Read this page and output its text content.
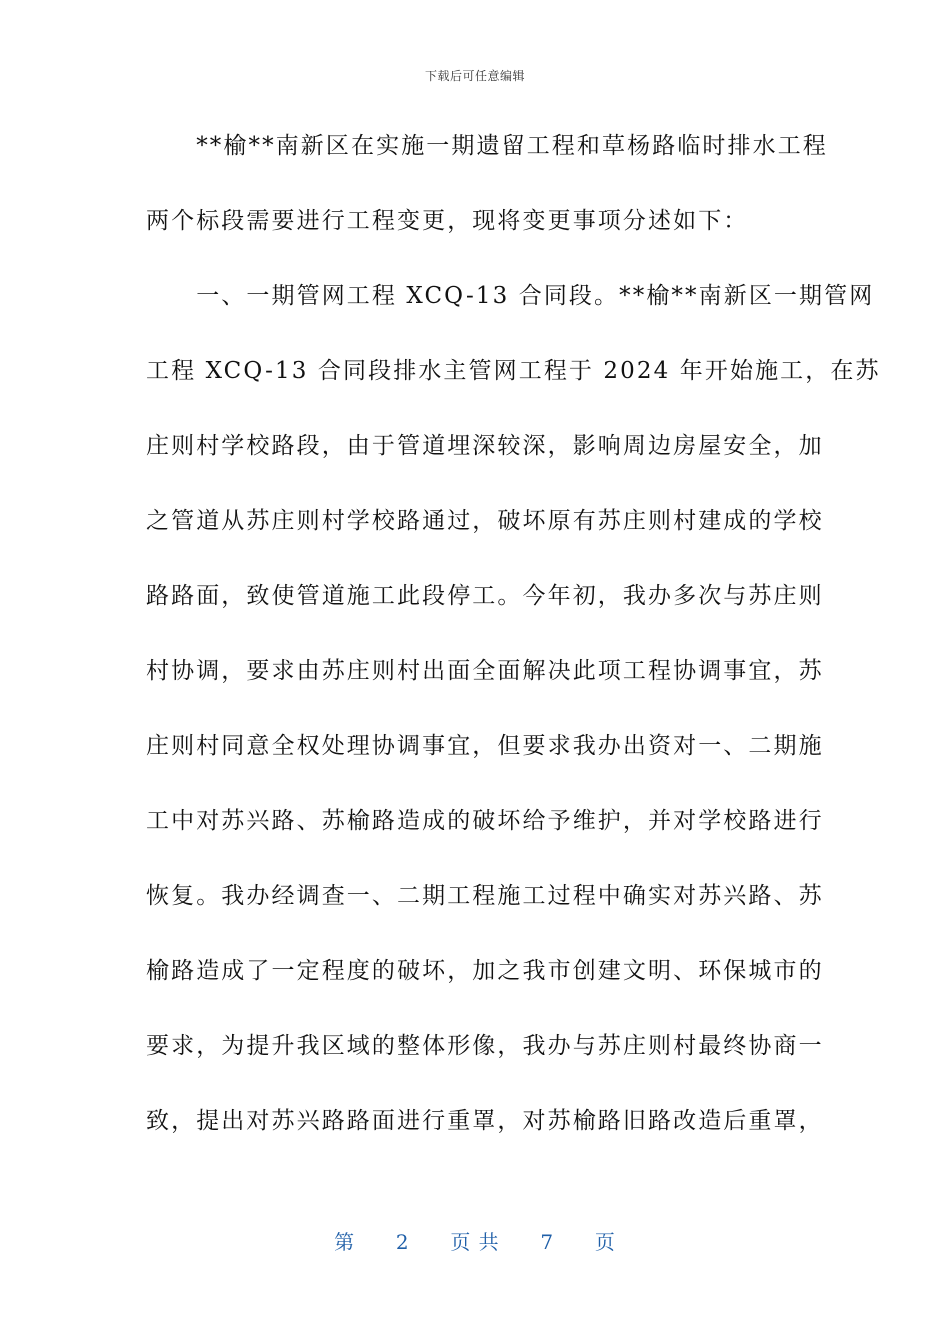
下载后可任意编辑
　　**榆**南新区在实施一期遗留工程和草杨路临时排水工程
两个标段需要进行工程变更，现将变更事项分述如下：
　　一、一期管网工程 XCQ-13 合同段。**榆**南新区一期管网
工程 XCQ-13 合同段排水主管网工程于 2024 年开始施工，在苏
庄则村学校路段，由于管道埋深较深，影响周边房屋安全，加
之管道从苏庄则村学校路通过，破坏原有苏庄则村建成的学校
路路面，致使管道施工此段停工。今年初，我办多次与苏庄则
村协调，要求由苏庄则村出面全面解决此项工程协调事宜，苏
庄则村同意全权处理协调事宜，但要求我办出资对一、二期施
工中对苏兴路、苏榆路造成的破坏给予维护，并对学校路进行
恢复。我办经调查一、二期工程施工过程中确实对苏兴路、苏
榆路造成了一定程度的破坏，加之我市创建文明、环保城市的
要求，为提升我区域的整体形像，我办与苏庄则村最终协商一
致，提出对苏兴路路面进行重罩，对苏榆路旧路改造后重罩，
第 2 页 共 7 页
